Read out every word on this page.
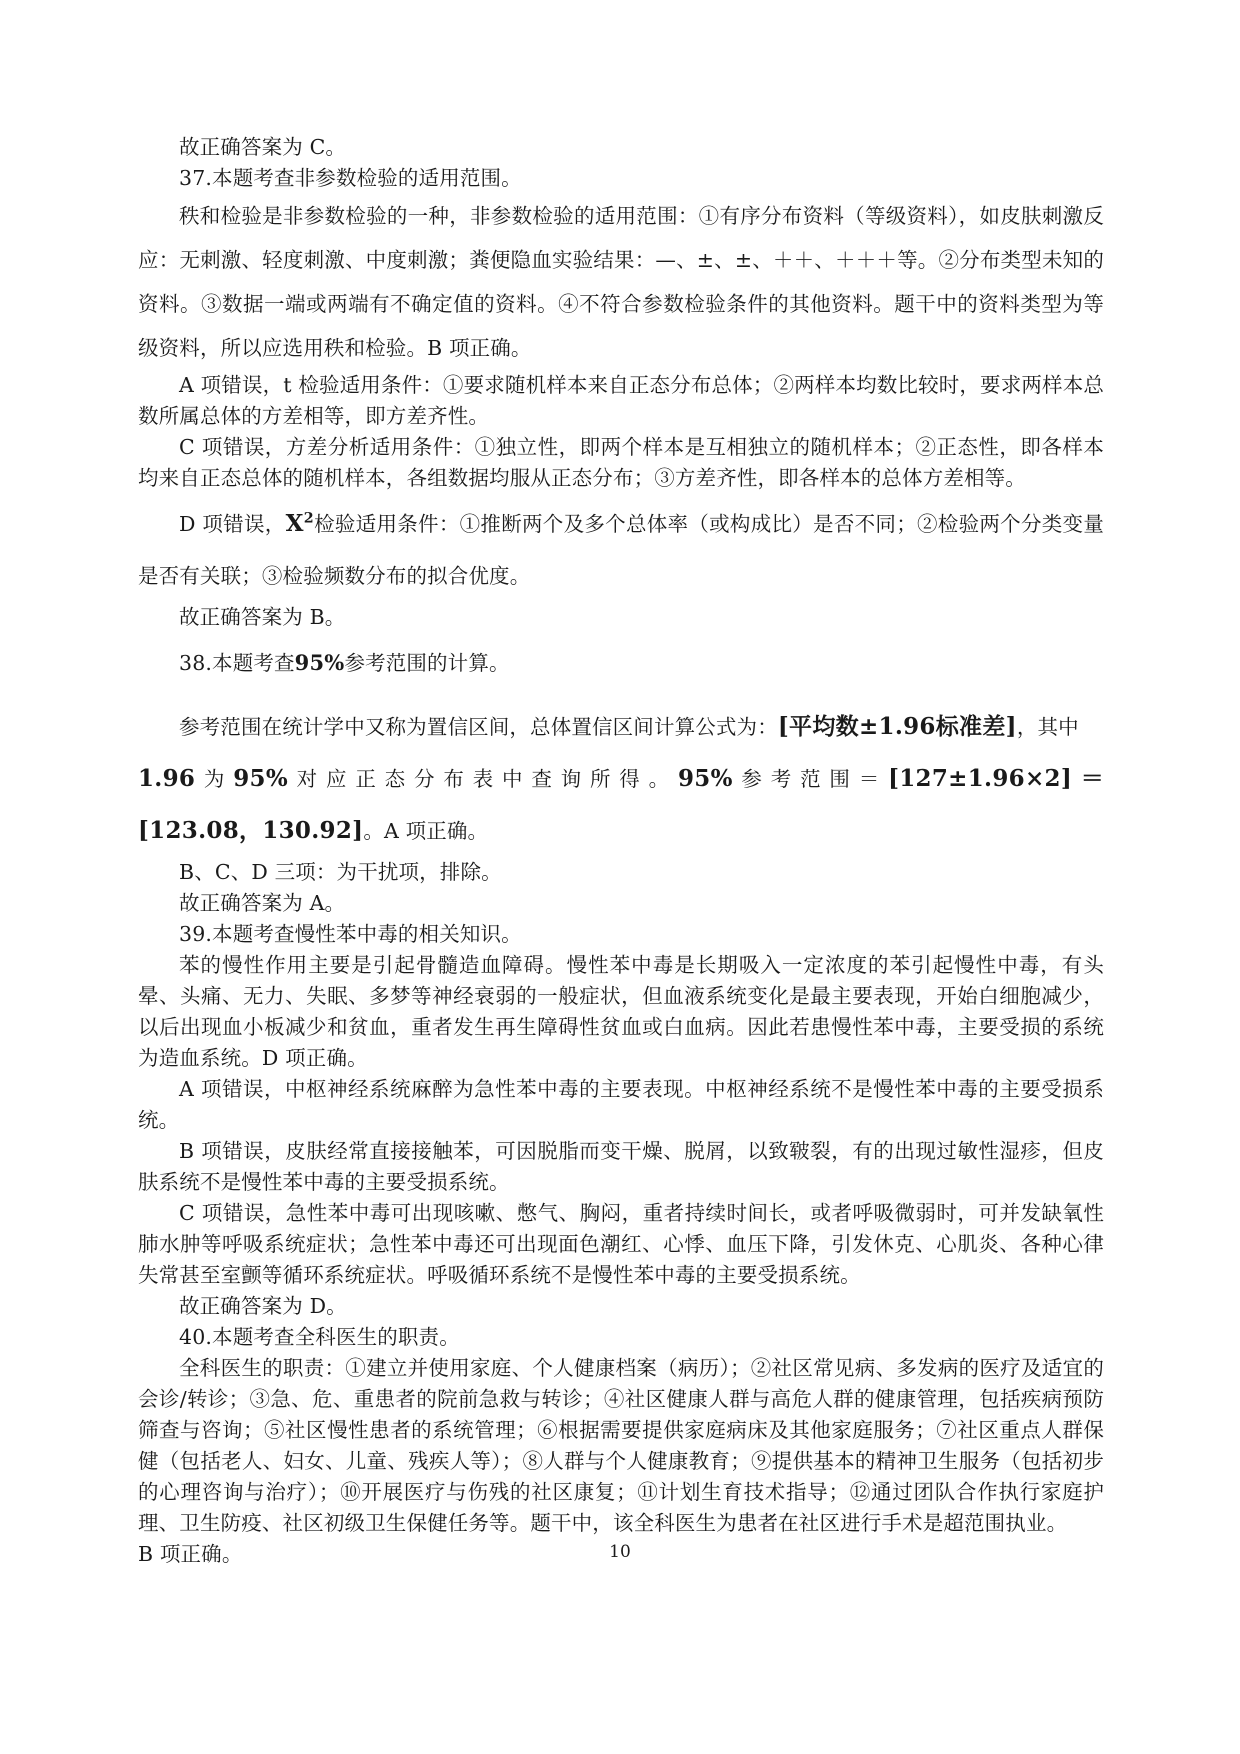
故正确答案为 C。

37.本题考查非参数检验的适用范围。

秩和检验是非参数检验的一种，非参数检验的适用范围：①有序分布资料（等级资料），如皮肤刺激反应：无刺激、轻度刺激、中度刺激；粪便隐血实验结果：—、±、±、＋＋、＋＋＋等。②分布类型未知的资料。③数据一端或两端有不确定值的资料。④不符合参数检验条件的其他资料。题干中的资料类型为等级资料，所以应选用秩和检验。B 项正确。

A 项错误，t 检验适用条件：①要求随机样本来自正态分布总体；②两样本均数比较时，要求两样本总数所属总体的方差相等，即方差齐性。

C 项错误，方差分析适用条件：①独立性，即两个样本是互相独立的随机样本；②正态性，即各样本均来自正态总体的随机样本，各组数据均服从正态分布；③方差齐性，即各样本的总体方差相等。

D 项错误，$X^2$检验适用条件：①推断两个及多个总体率（或构成比）是否不同；②检验两个分类变量是否有关联；③检验频数分布的拟合优度。

故正确答案为 B。

38.本题考查95%参考范围的计算。

参考范围在统计学中又称为置信区间，总体置信区间计算公式为：[平均数±1.96标准差]，其中

1.96为95%对应正态分布表中查询所得。95%参考范围＝[127±1.96×2]＝[123.08，130.92]。A 项正确。

B、C、D 三项：为干扰项，排除。

故正确答案为 A。

39.本题考查慢性苯中毒的相关知识。

苯的慢性作用主要是引起骨髓造血障碍。慢性苯中毒是长期吸入一定浓度的苯引起慢性中毒，有头晕、头痛、无力、失眠、多梦等神经衰弱的一般症状，但血液系统变化是最主要表现，开始白细胞减少，以后出现血小板减少和贫血，重者发生再生障碍性贫血或白血病。因此若患慢性苯中毒，主要受损的系统为造血系统。D 项正确。

A 项错误，中枢神经系统麻醉为急性苯中毒的主要表现。中枢神经系统不是慢性苯中毒的主要受损系统。

B 项错误，皮肤经常直接接触苯，可因脱脂而变干燥、脱屑，以致皲裂，有的出现过敏性湿疹，但皮肤系统不是慢性苯中毒的主要受损系统。

C 项错误，急性苯中毒可出现咳嗽、憋气、胸闷，重者持续时间长，或者呼吸微弱时，可并发缺氧性肺水肿等呼吸系统症状；急性苯中毒还可出现面色潮红、心悸、血压下降，引发休克、心肌炎、各种心律失常甚至室颤等循环系统症状。呼吸循环系统不是慢性苯中毒的主要受损系统。

故正确答案为 D。

40.本题考查全科医生的职责。

全科医生的职责：①建立并使用家庭、个人健康档案（病历）；②社区常见病、多发病的医疗及适宜的会诊/转诊；③急、危、重患者的院前急救与转诊；④社区健康人群与高危人群的健康管理，包括疾病预防筛查与咨询；⑤社区慢性患者的系统管理；⑥根据需要提供家庭病床及其他家庭服务；⑦社区重点人群保健（包括老人、妇女、儿童、残疾人等）；⑧人群与个人健康教育；⑨提供基本的精神卫生服务（包括初步的心理咨询与治疗）；⑩开展医疗与伤残的社区康复；⑪计划生育技术指导；⑫通过团队合作执行家庭护理、卫生防疫、社区初级卫生保健任务等。题干中，该全科医生为患者在社区进行手术是超范围执业。

B 项正确。	10
